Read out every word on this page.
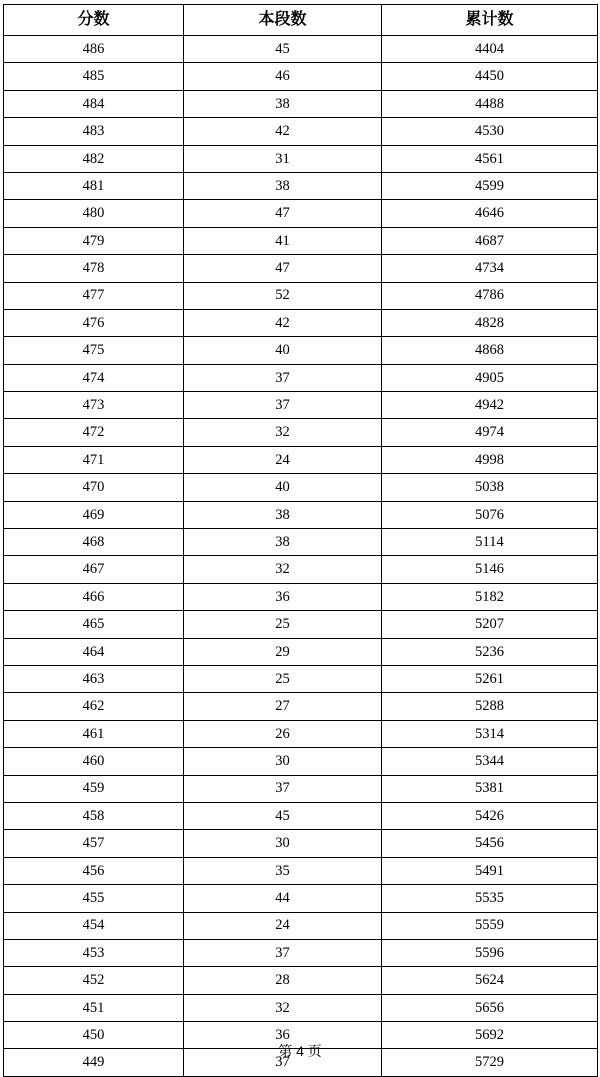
分数	本段数	累计数
486	45	4404
485	46	4450
484	38	4488
483	42	4530
482	31	4561
481	38	4599
480	47	4646
479	41	4687
478	47	4734
477	52	4786
476	42	4828
475	40	4868
474	37	4905
473	37	4942
472	32	4974
471	24	4998
470	40	5038
469	38	5076
468	38	5114
467	32	5146
466	36	5182
465	25	5207
464	29	5236
463	25	5261
462	27	5288
461	26	5314
460	30	5344
459	37	5381
458	45	5426
457	30	5456
456	35	5491
455	44	5535
454	24	5559
453	37	5596
452	28	5624
451	32	5656
450	36	5692
449	37	5729
第 4 页
